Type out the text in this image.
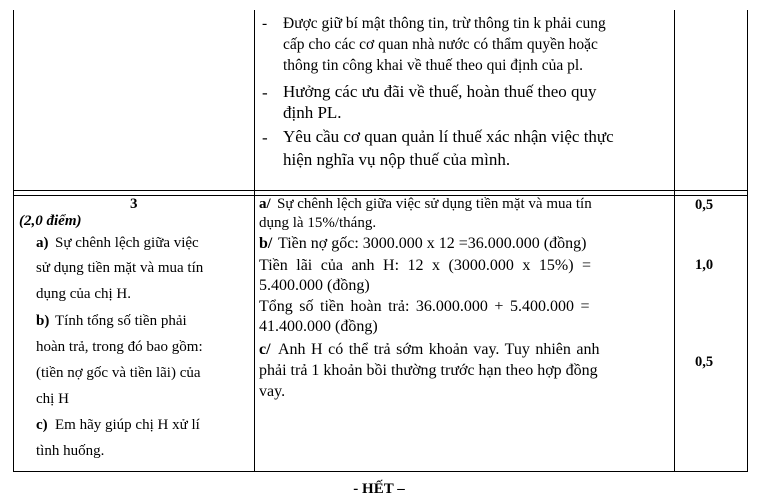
- Được giữ bí mật thông tin, trừ thông tin k phải cung
cấp cho các cơ quan nhà nước có thẩm quyền hoặc
thông tin công khai về thuế theo qui định của pl.
- Hưởng các ưu đãi về thuế, hoàn thuế theo quy
định PL.
- Yêu cầu cơ quan quản lí thuế xác nhận việc thực
hiện nghĩa vụ nộp thuế của mình.
3
(2,0 điểm)
a) Sự chênh lệch giữa việc
sử dụng tiền mặt và mua tín
dụng của chị H.
b) Tính tổng số tiền phải
hoàn trả, trong đó bao gồm:
(tiền nợ gốc và tiền lãi) của
chị H
c) Em hãy giúp chị H xử lí
tình huống.
a/ Sự chênh lệch giữa việc sử dụng tiền mặt và mua tín
dụng là 15%/tháng.
b/ Tiền nợ gốc: 3000.000 x 12 =36.000.000 (đồng)
Tiền lãi của anh H: 12 x (3000.000 x 15%) =
5.400.000 (đồng)
Tổng số tiền hoàn trả: 36.000.000 + 5.400.000 =
41.400.000 (đồng)
c/ Anh H có thể trả sớm khoản vay. Tuy nhiên anh
phải trả 1 khoản bồi thường trước hạn theo hợp đồng
vay.
0,5
1,0
0,5
- HẾT –
